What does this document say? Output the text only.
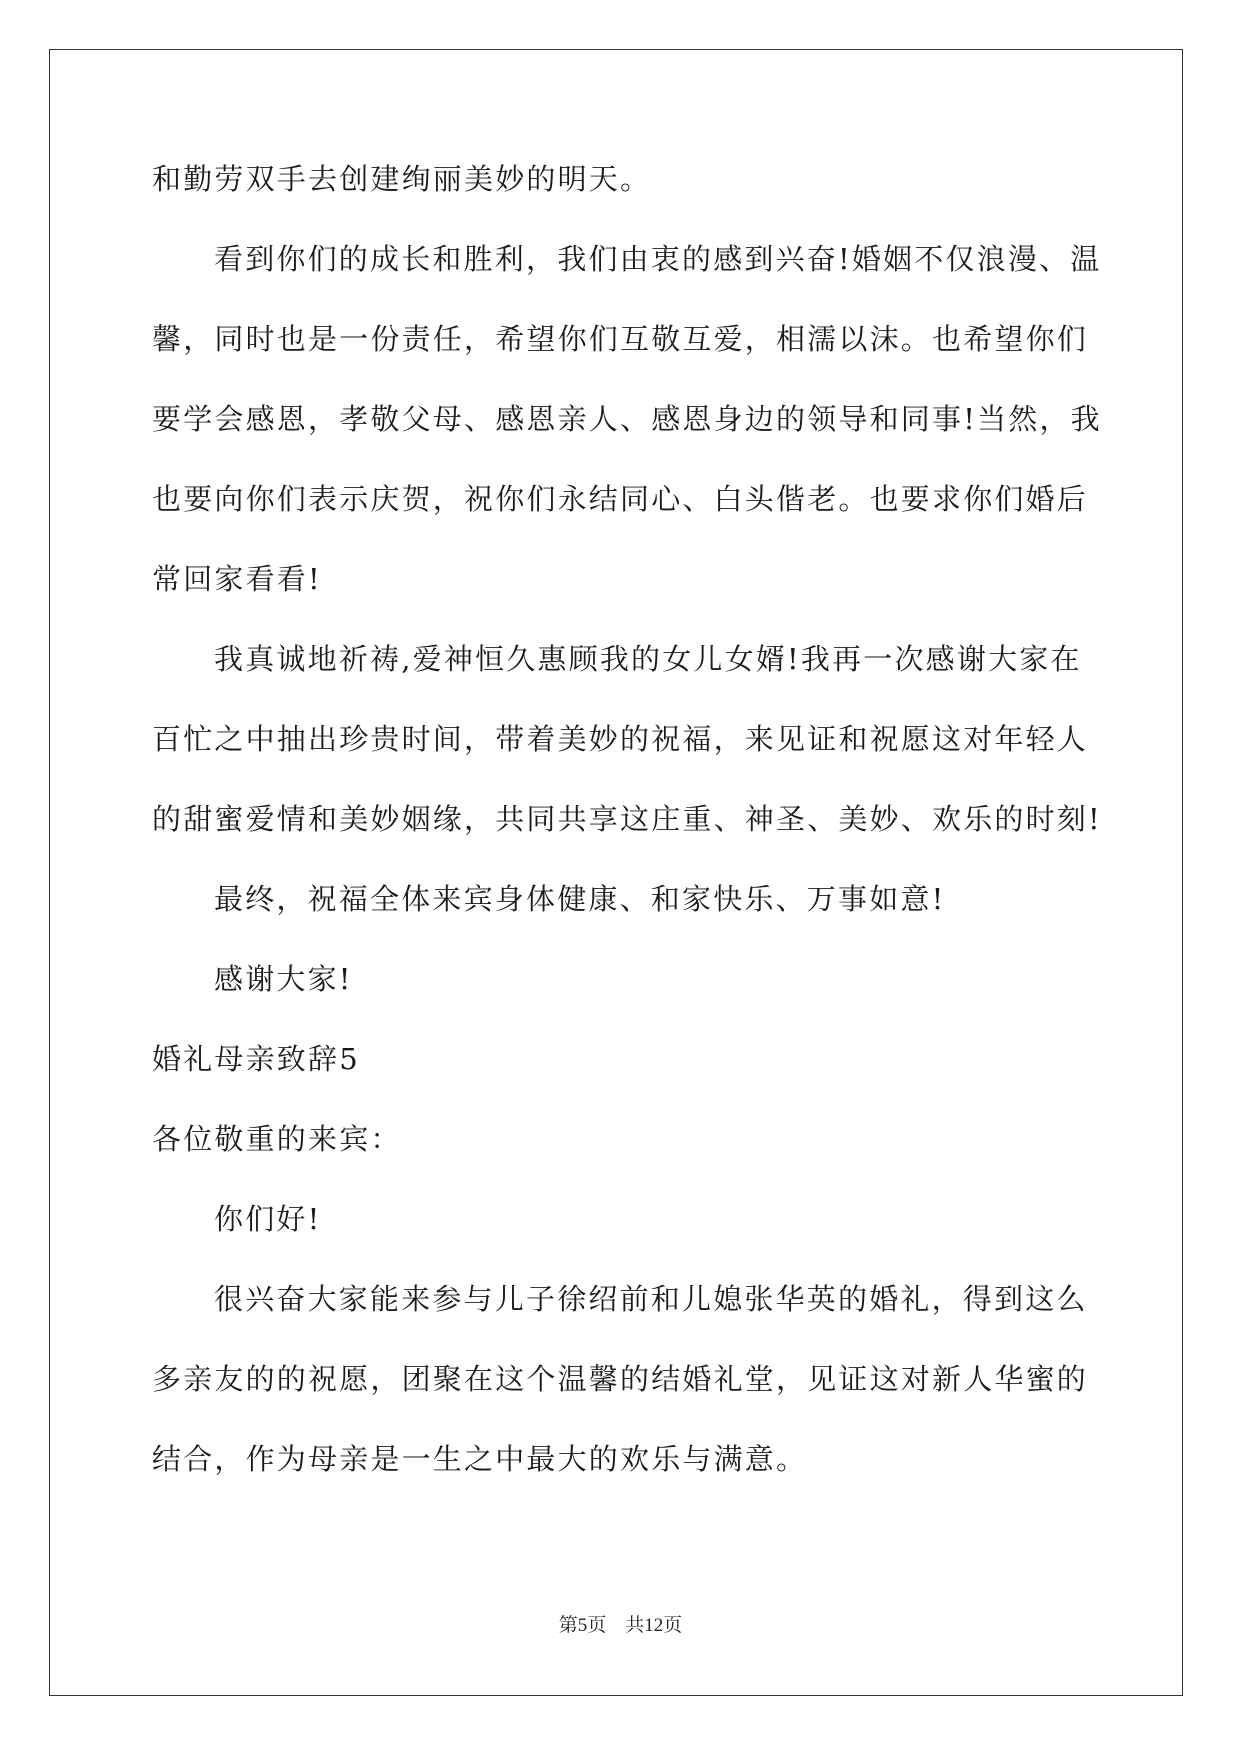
和勤劳双手去创建绚丽美妙的明天。
看到你们的成长和胜利，我们由衷的感到兴奋!婚姻不仅浪漫、温
馨，同时也是一份责任，希望你们互敬互爱，相濡以沫。也希望你们
要学会感恩，孝敬父母、感恩亲人、感恩身边的领导和同事!当然，我
也要向你们表示庆贺，祝你们永结同心、白头偕老。也要求你们婚后
常回家看看!
我真诚地祈祷,爱神恒久惠顾我的女儿女婿!我再一次感谢大家在
百忙之中抽出珍贵时间，带着美妙的祝福，来见证和祝愿这对年轻人
的甜蜜爱情和美妙姻缘，共同共享这庄重、神圣、美妙、欢乐的时刻!
最终，祝福全体来宾身体健康、和家快乐、万事如意!
感谢大家!
婚礼母亲致辞5
各位敬重的来宾：
你们好!
很兴奋大家能来参与儿子徐绍前和儿媳张华英的婚礼，得到这么
多亲友的的祝愿，团聚在这个温馨的结婚礼堂，见证这对新人华蜜的
结合，作为母亲是一生之中最大的欢乐与满意。
第5页 共12页
